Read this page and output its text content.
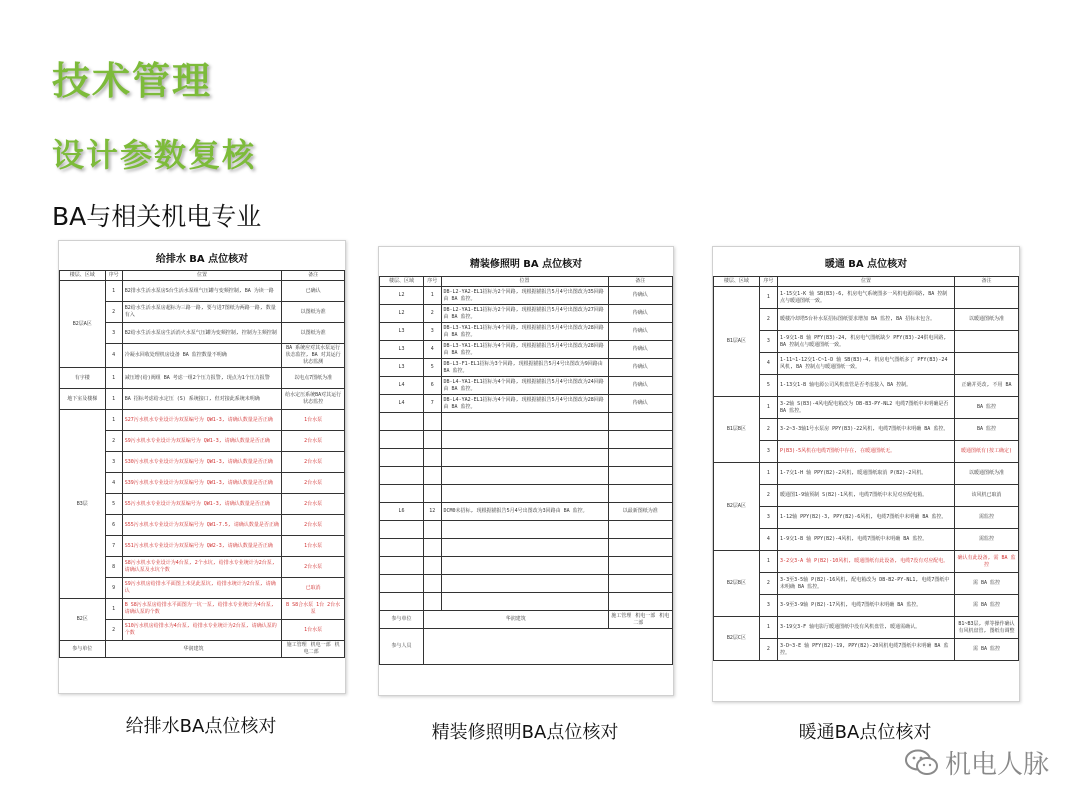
技术管理
设计参数复核
BA与相关机电专业
给排水 BA 点位核对
楼层、区域	序号	位置	备注
B2层A区	1	B2排水生活水泵房S台生活水泵组气压罐与变频控制, BA 为读一路	已确认
	2	B2给水生活水泵房超标为三路一路, 要与进7图纸为两路一路, 数量有入	以图纸为准
	3	B2给水生活水泵房生活消火水泵气压罐为变频控制, 控制为主频控制	以图纸为准
	4	冷凝水回收处理机房设备 BA 监控数量不明确	BA 系统应对其水泵运行状态监控, BA 对其运行状态监测
有字楼	1	减压增(给)阀组 BA 考虑一组2个压力报警, 现点为1个压力报警	以电点7图纸为准
地下室及楼梯	1	BA 招标考虑给水定压 (S) 系统接口, 但对接此系统未明确	给水定压系统BA对其运行状态监控
B3层	1	S27污水机水专业设计为双泵编号为 QW1-3, 请确认数量是否正确	1台水泵
	2	S9污水机水专业设计为双泵编号为 QW1-3, 请确认数量是否正确	2台水泵
	3	S30污水机水专业设计为双泵编号为 QW1-3, 请确认数量是否正确	2台水泵
	4	S39污水机水专业设计为双泵编号为 QW1-3, 请确认数量是否正确	2台水泵
	5	S5污水机水专业设计为双泵编号为 QW1-3, 请确认数量是否正确	2台水泵
	6	S55污水机水专业设计为双泵编号为 QW1-7.5, 请确认数量是否正确	2台水泵
	7	S51污水机水专业设计为双泵编号为 QW2-3, 请确认数量是否正确	1台水泵
	8	S8污水机水专业设计为4台泵, 2个水坑, 给排水专业统计为2台泵, 请确认泵及水坑个数	2台水泵
	9	S9污水机房给排水平面图上未见此泵坑, 给排水统计为2台泵, 请确认	已取消
B2区	1	B S8污水泵房给排水平面图为一坑一泵, 给排水专业统计为4台泵, 请确认泵的个数	B S8合水泵 1台 2台水泵
	2	S10污水机房给排水为4台泵, 给排水专业统计为2台泵, 请确认泵的个数	1台水泵
参与单位	华润建筑		施工管理 机电一部 机电二部
精装修照明 BA 点位核对
楼层、区域	序号	位置	备注
L2	1	DB-L2-YA2-EL1招标为2个回路, 现根据描报告5月4号出图改为35回路由 BA 监控。	待确认
L2	2	DB-L2-YA1-EL1招标为2个回路, 现根据描报告5月4号出图改为27回路由 BA 监控。	待确认
L3	3	DB-L3-YA1-EL1招标为4个回路, 现根据描报告5月4号出图改为28回路由 BA 监控。	待确认
L3	4	DB-L3-YA1-EL1招标为4个回路, 现根据描报告5月4号出图改为28回路由 BA 监控。	待确认
L3	5	DB-L3-F1-EL1招标为3个回路, 现根据描报告5月4号出图改为9回路由 BA 监控。	待确认
L4	6	DB-L4-YA1-EL1招标为4个回路, 现根据描报告5月4号出图改为24回路由 BA 监控。	待确认
L4	7	DB-L4-YA2-EL1招标为4个回路, 现根据描报告5月4号出图改为28回路由 BA 监控。	待确认

L6	12	DCM0未招标, 现根据描报告5月4号出图改为3回路由 BA 监控。	以最新图纸为准

参与单位	华润建筑		施工管理 机电一部 机电二部
参与人员			
暖通 BA 点位核对
楼层、区域	序号	位置	备注
B1层A区	1	1-15交1-K 轴 SB(B3)-6, 机房电气系统图多一风机电源回路, BA 控制点与暖通图纸一致。	
	2	暖楼冷却塔5台补水泵招标图纸要求增加 BA 监控, BA 招标未包含。	以暖通图纸为准
	3	1-9交1-B 轴 PFY(B3)-24, 机房电气图纸缺少 PFY(B3)-24供电回路, BA 控制点与暖通图纸一致。	
	4	1-11~1-12交1-C~1-D 轴 SB(B3)-4, 机房电气图纸多了 PFY(B3)-24风机, BA 控制点与暖通图纸一致。	
	5	1-13交1-B 轴电源公司风机盘管是否考虑接入 BA 控制。	正确并更改, 不用 BA
B1层B区	1	3-2轴 S(B3)-4风电配电箱改为 DB-B3-PY-NL2 电缆7图纸中未明确是否 BA 监控。	BA 监控
	2	3-2~3-3轴1号水泵房 PPY(B3)-22风机, 电缆7图纸中未明确 BA 监控。	BA 监控
	3	P(B3)-5风机在电缆7图纸中存在, 在暖通图纸无。	暖通图纸有(按工确定)
B2层A区	1	1-7交1-H 轴 PPY(B2)-2风机, 暖通图纸取消 P(B2)-2风机。	以暖通图纸为准
	2	暖通图1-9轴预制 S(B2)-1风机, 电缆7图纸中未见对应配电箱。	该风机已取消
	3	1-12轴 PPY(B2)-3, PPY(B2)-6风机, 电缆7图纸中未明确 BA 监控。	需监控
	4	1-9交1-B 轴 PPY(B2)-4风机, 电缆7图纸中未明确 BA 监控。	需监控
B2层B区	1	3-2交3-A 轴 P(B2)-10风机, 暖通图纸有此设备, 电缆7没有对应配电。	确认有此设备, 需 BA 监控
	2	3-3至3-5轴 P(B2)-16风机, 配电箱改为 DB-B2-PY-NL1, 电缆7图纸中未明确 BA 监控。	需 BA 监控
	3	3-9至3-9轴 P(B2)-17风机, 电缆7图纸中未明确 BA 监控。	需 BA 监控
B2层C区	1	3-19交3-F 轴电影厅暖通图纸中没有风机盘管, 暖通需确认。	B1~B3层, 弹等操作确认有风机盘管, 图纸有调整
	2	3-D~3-E 轴 PFY(B2)-19, PPY(B2)-20风机电缆7图纸中未明确 BA 监控。	需 BA 监控
给排水BA点位核对	精装修照明BA点位核对	暖通BA点位核对
机电人脉
